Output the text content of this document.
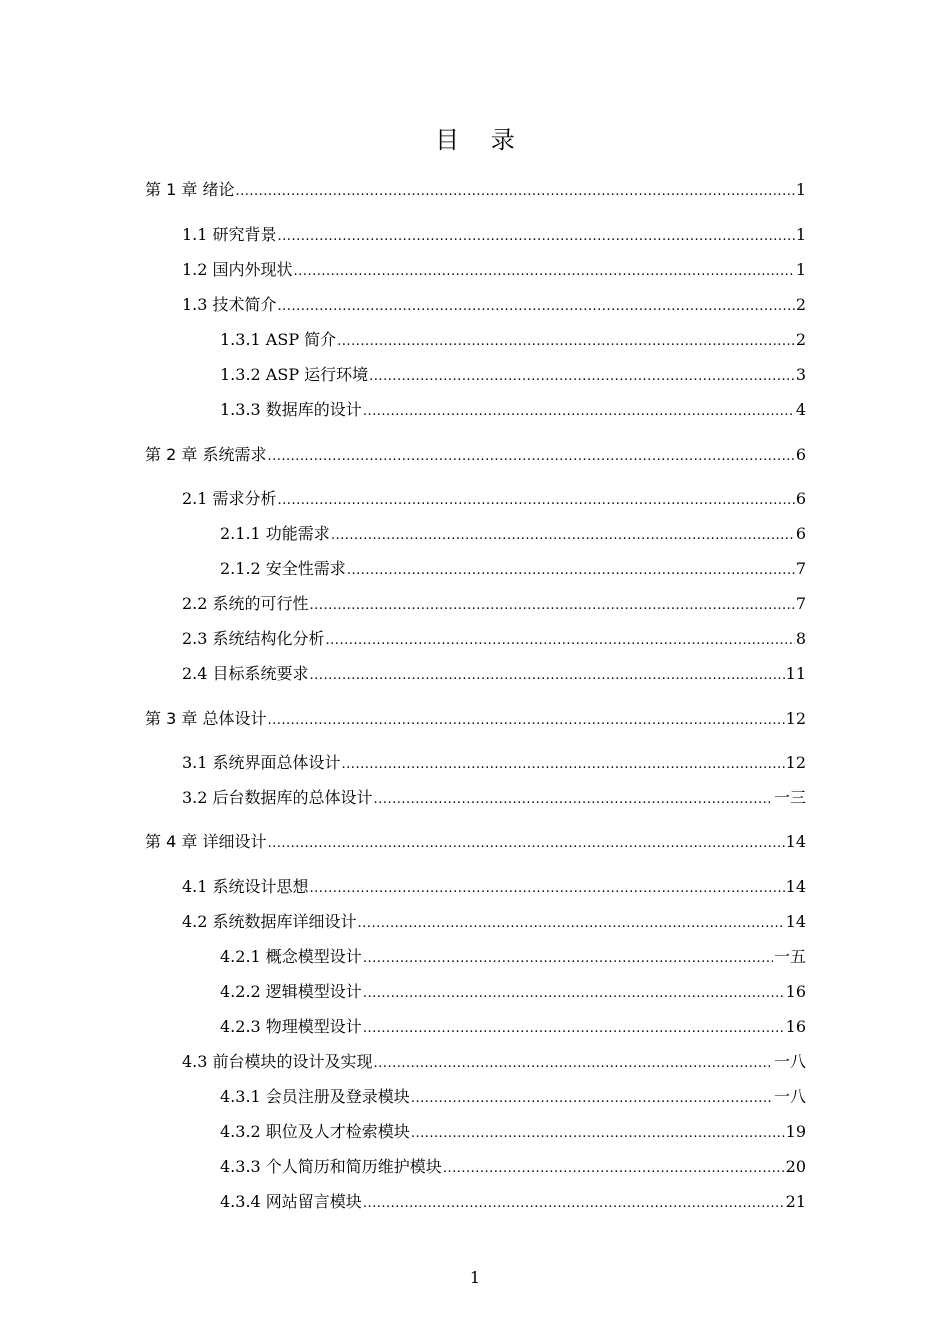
目 录
第 1 章 绪论 .....	1
1.1 研究背景 .....	1
1.2 国内外现状 .....	1
1.3 技术简介 .....	2
1.3.1 ASP 简介 .....	2
1.3.2 ASP 运行环境 .....	3
1.3.3 数据库的设计 .....	4
第 2 章 系统需求 .....	6
2.1 需求分析 .....	6
2.1.1 功能需求 .....	6
2.1.2 安全性需求 .....	7
2.2 系统的可行性 .....	7
2.3 系统结构化分析 .....	8
2.4 目标系统要求 .....	11
第 3 章 总体设计 .....	12
3.1 系统界面总体设计 .....	12
3.2 后台数据库的总体设计 .....	一三
第 4 章 详细设计 .....	14
4.1 系统设计思想 .....	14
4.2 系统数据库详细设计 .....	14
4.2.1 概念模型设计 .....	一五
4.2.2 逻辑模型设计 .....	16
4.2.3 物理模型设计 .....	16
4.3 前台模块的设计及实现 .....	一八
4.3.1 会员注册及登录模块 .....	一八
4.3.2 职位及人才检索模块 .....	19
4.3.3 个人简历和简历维护模块 .....	20
4.3.4 网站留言模块 .....	21
1
